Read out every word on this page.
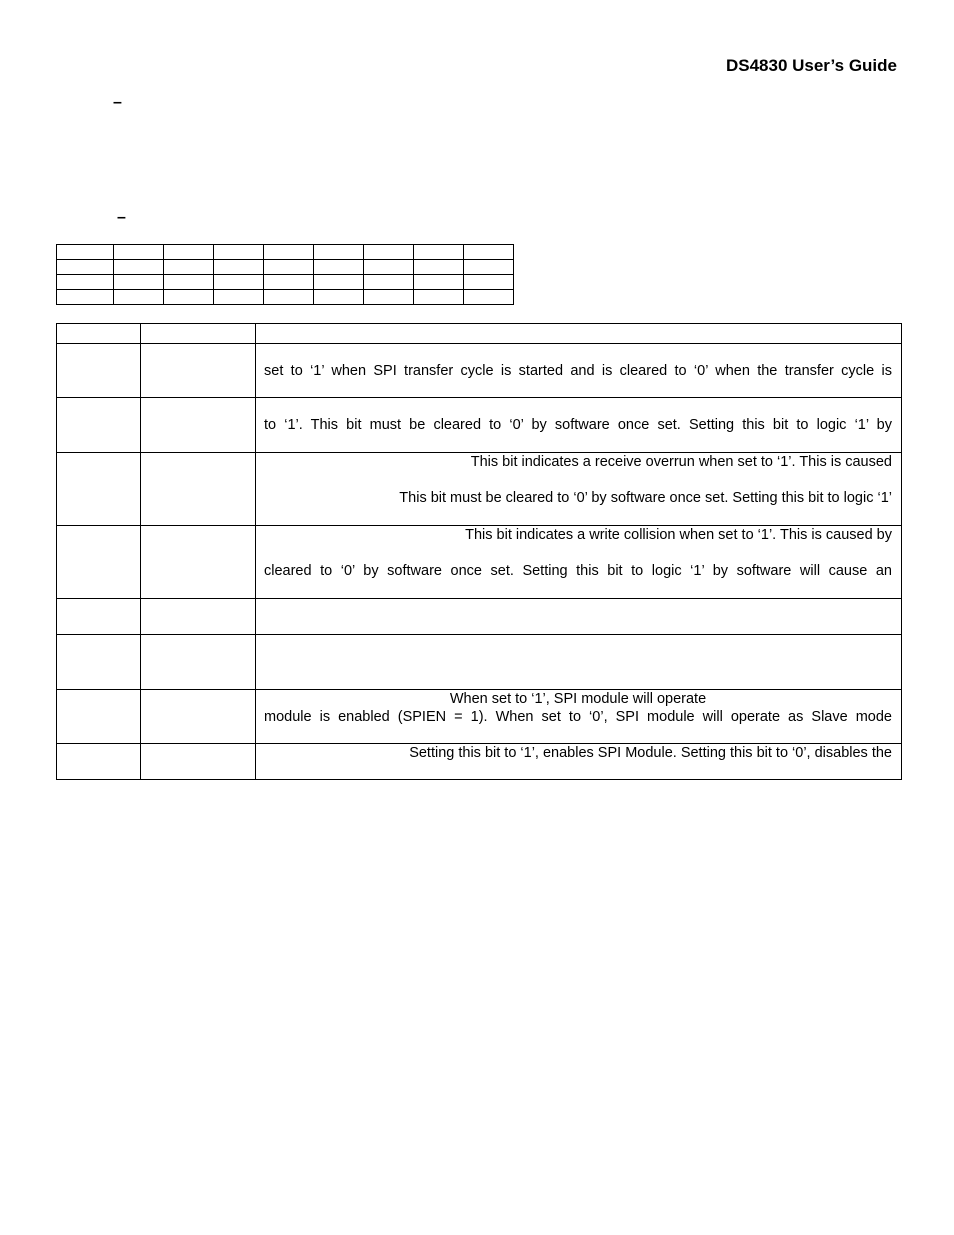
DS4830 User’s Guide
–
–

		set to ‘1’ when SPI transfer cycle is started and is cleared to ‘0’ when the transfer cycle is

		to ‘1’. This bit must be cleared to ‘0’ by software once set. Setting this bit to logic ‘1’ by

		This bit indicates a receive overrun when set to ‘1’. This is caused
This bit must be cleared to ‘0’ by software once set. Setting this bit to logic ‘1’

		This bit indicates a write collision when set to ‘1’. This is caused by
cleared to ‘0’ by software once set. Setting this bit to logic ‘1’ by software will cause an

		When set to ‘1’, SPI module will operate
module is enabled (SPIEN = 1). When set to ‘0’, SPI module will operate as Slave mode

		Setting this bit to ‘1’, enables SPI Module. Setting this bit to ‘0’, disables the
